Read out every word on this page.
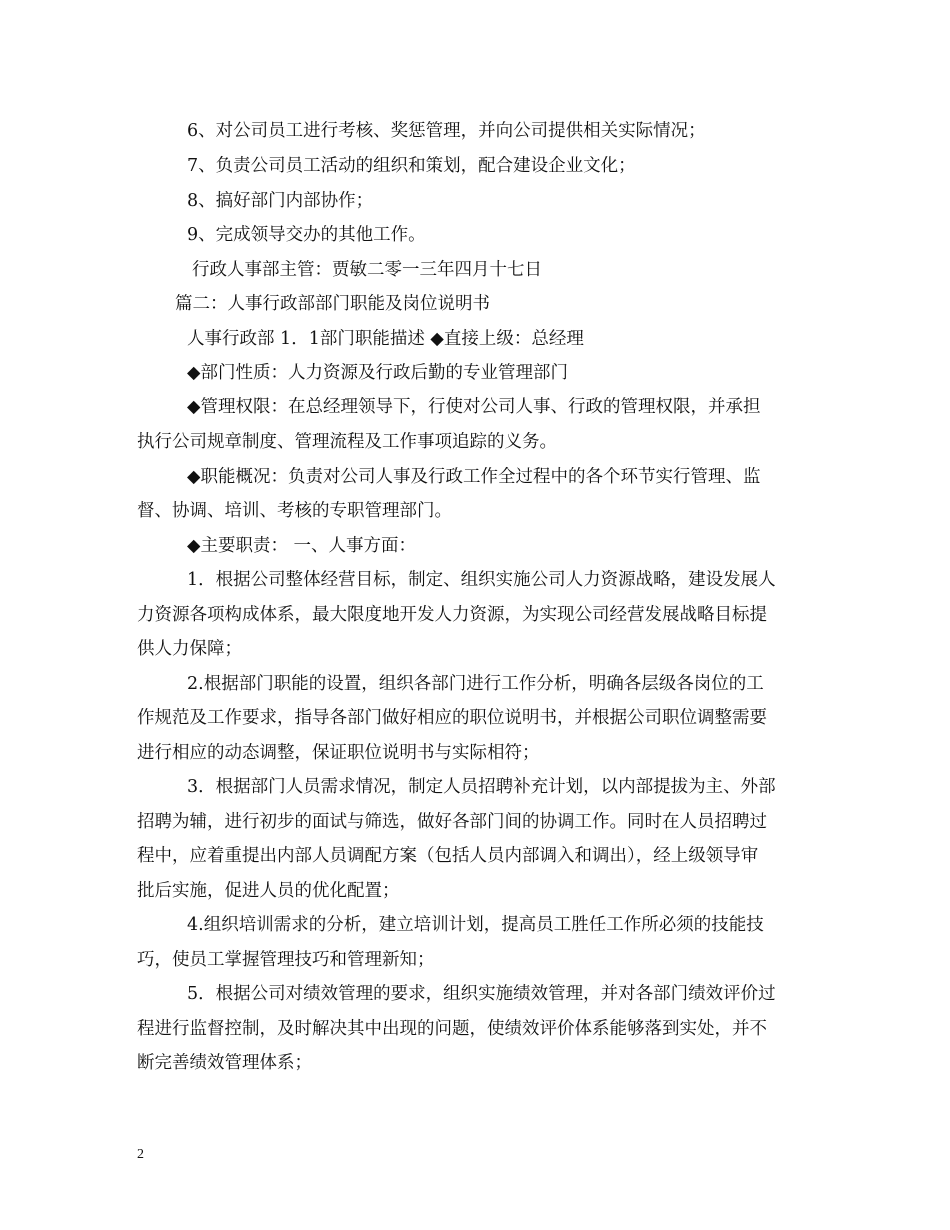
6、对公司员工进行考核、奖惩管理，并向公司提供相关实际情况；
7、负责公司员工活动的组织和策划，配合建设企业文化；
8、搞好部门内部协作；
9、完成领导交办的其他工作。
行政人事部主管：贾敏二零一三年四月十七日
篇二：人事行政部部门职能及岗位说明书
人事行政部 1．1部门职能描述 ◆直接上级：总经理
◆部门性质：人力资源及行政后勤的专业管理部门
◆管理权限：在总经理领导下，行使对公司人事、行政的管理权限，并承担
执行公司规章制度、管理流程及工作事项追踪的义务。
◆职能概况：负责对公司人事及行政工作全过程中的各个环节实行管理、监
督、协调、培训、考核的专职管理部门。
◆主要职责： 一、人事方面：
1．根据公司整体经营目标，制定、组织实施公司人力资源战略，建设发展人
力资源各项构成体系，最大限度地开发人力资源，为实现公司经营发展战略目标提
供人力保障；
2.根据部门职能的设置，组织各部门进行工作分析，明确各层级各岗位的工
作规范及工作要求，指导各部门做好相应的职位说明书，并根据公司职位调整需要
进行相应的动态调整，保证职位说明书与实际相符；
3．根据部门人员需求情况，制定人员招聘补充计划，以内部提拔为主、外部
招聘为辅，进行初步的面试与筛选，做好各部门间的协调工作。同时在人员招聘过
程中，应着重提出内部人员调配方案（包括人员内部调入和调出），经上级领导审
批后实施，促进人员的优化配置；
4.组织培训需求的分析，建立培训计划，提高员工胜任工作所必须的技能技
巧，使员工掌握管理技巧和管理新知；
5．根据公司对绩效管理的要求，组织实施绩效管理，并对各部门绩效评价过
程进行监督控制，及时解决其中出现的问题，使绩效评价体系能够落到实处，并不
断完善绩效管理体系；
2
